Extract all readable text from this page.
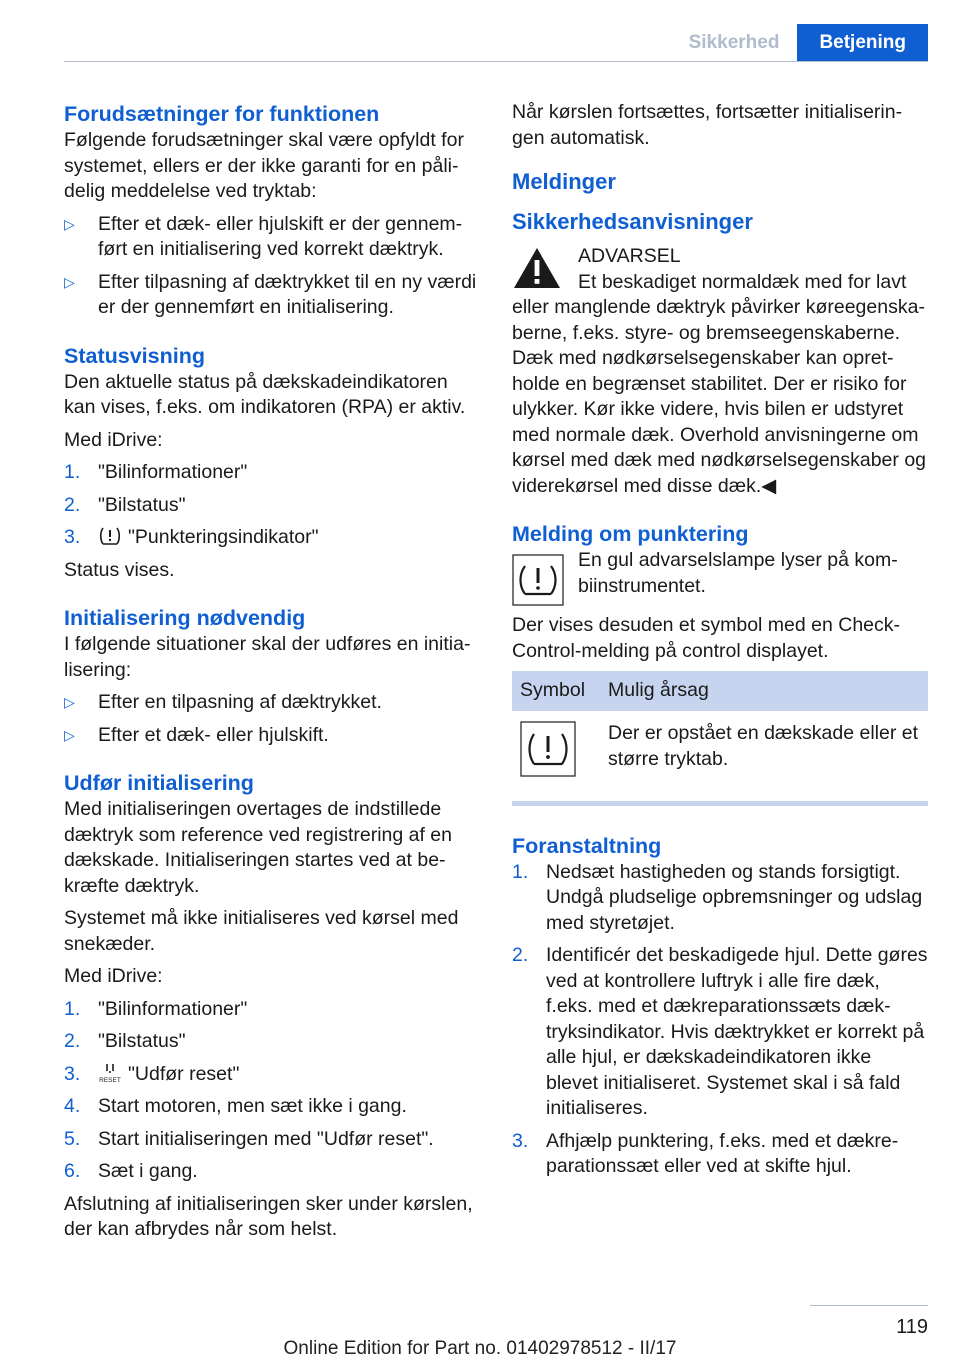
Sikkerhed	Betjening
Forudsætninger for funktionen

Følgende forudsætninger skal være opfyldt for systemet, ellers er der ikke garanti for en pålidelig meddelelse ved tryktab:

▷ Efter et dæk- eller hjulskift er der gennemført en initialisering ved korrekt dæktryk.
▷ Efter tilpasning af dæktrykket til en ny værdi er der gennemført en initialisering.
Statusvisning

Den aktuelle status på dækskadeindikatoren kan vises, f.eks. om indikatoren (RPA) er aktiv.

Med iDrive:

1. "Bilinformationer"
2. "Bilstatus"
3. "Punkteringsindikator"

Status vises.

Initialisering nødvendig

I følgende situationer skal der udføres en initialisering:

▷ Efter en tilpasning af dæktrykket.
▷ Efter et dæk- eller hjulskift.
Udfør initialisering

Med initialiseringen overtages de indstillede dæktryk som reference ved registrering af en dækskade. Initialiseringen startes ved at bekræfte dæktryk.

Systemet må ikke initialiseres ved kørsel med snekæder.

Med iDrive:

1. "Bilinformationer"
2. "Bilstatus"
3.	RESET "Udfør reset"
4. Start motoren, men sæt ikke i gang.
5. Start initialiseringen med "Udfør reset".
6. Sæt i gang.

Afslutning af initialiseringen sker under kørslen, der kan afbrydes når som helst.

Når kørslen fortsættes, fortsætter initialiseringen automatisk.

Meldinger
Sikkerhedsanvisninger
ADVARSEL

Et beskadiget normaldæk med for lavt eller manglende dæktryk påvirker køreegenskaberne, f.eks. styre- og bremseegenskaberne. Dæk med nødkørselsegenskaber kan opretholde en begrænset stabilitet. Der er risiko for ulykker. Kør ikke videre, hvis bilen er udstyret med normale dæk. Overhold anvisningerne om kørsel med dæk med nødkørselsegenskaber og viderekørsel med disse dæk.◀

Melding om punktering
En gul advarselslampe lyser på kombiinstrumentet.

Der vises desuden et symbol med en Check-Control-melding på control displayet.

Symbol	Mulig årsag
	Der er opstået en dækskade eller et større tryktab.
Foranstaltning
1. Nedsæt hastigheden og stands forsigtigt. Undgå pludselige opbremsninger og udslag med styretøjet.
2. Identificér det beskadigede hjul. Dette gøres ved at kontrollere luftryk i alle fire dæk, f.eks. med et dækreparationssæts dæktryksindikator. Hvis dæktrykket er korrekt på alle hjul, er dækskadeindikatoren ikke blevet initialiseret. Systemet skal i så fald initialiseres.
3. Afhjælp punktering, f.eks. med et dækreparationssæt eller ved at skifte hjul.
119
Online Edition for Part no. 01402978512 - II/17
